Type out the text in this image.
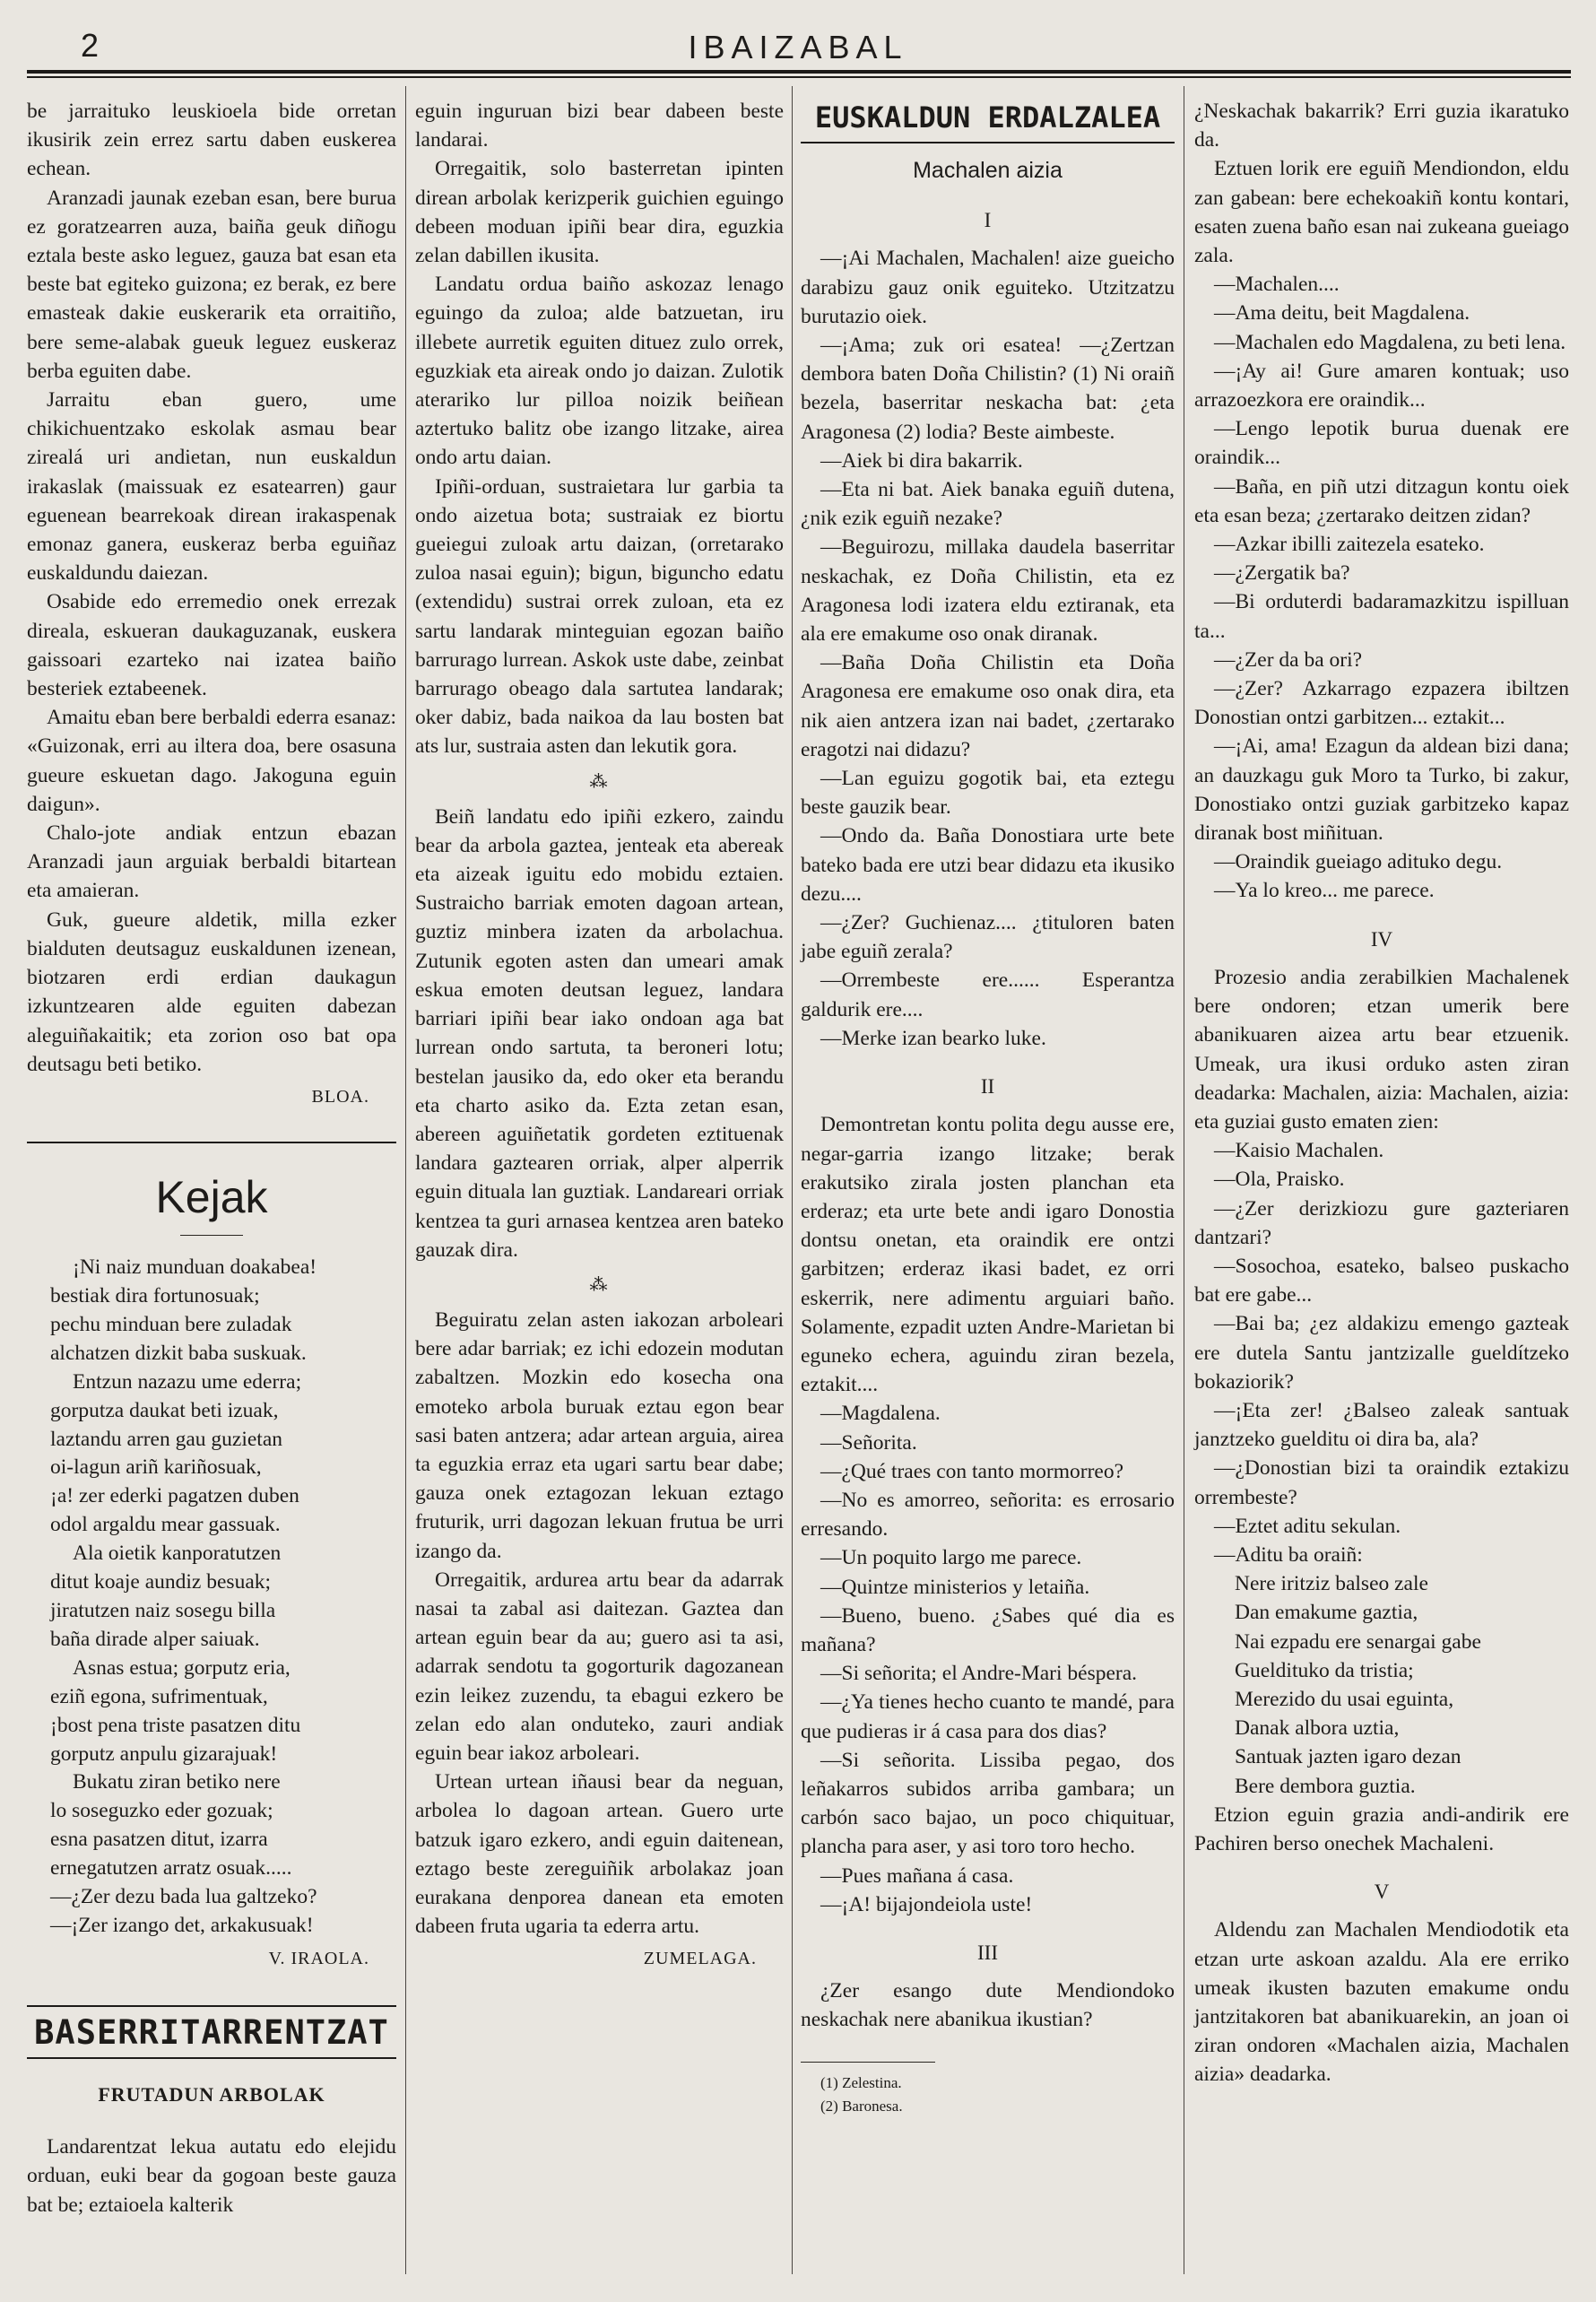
2	IBAIZABAL

be jarraituko leuskioela bide orretan ikusirik zein errez sartu daben euskerea echean.

Aranzadi jaunak ezeban esan, bere burua ez goratzearren auza, baiña geuk diñogu eztala beste asko leguez, gauza bat esan eta beste bat egiteko guizona; ez berak, ez bere emasteak dakie euskerarik eta orraitiño, bere seme-alabak gueuk leguez euskeraz berba eguiten dabe.

Jarraitu eban guero, ume chikichuentzako eskolak asmau bear zirealá uri andietan, nun euskaldun irakaslak (maissuak ez esatearren) gaur eguenean bearrekoak direan irakaspenak emonaz ganera, euskeraz berba eguiñaz euskaldundu daiezan.

Osabide edo erremedio onek errezak direala, eskueran daukaguzanak, euskera gaissoari ezarteko nai izatea baiño besteriek eztabeenek.

Amaitu eban bere berbaldi ederra esanaz: «Guizonak, erri au iltera doa, bere osasuna gueure eskuetan dago. Jakoguna eguin daigun».

Chalo-jote andiak entzun ebazan Aranzadi jaun arguiak berbaldi bitartean eta amaieran.

Guk, gueure aldetik, milla ezker bialduten deutsaguz euskaldunen izenean, biotzaren erdi erdian daukagun izkuntzearen alde eguiten dabezan aleguiñakaitik; eta zorion oso bat opa deutsagu beti betiko.

BLOA.
Kejak
¡Ni naiz munduan doakabea!
bestiak dira fortunosuak;
pechu minduan bere zuladak
alchatzen dizkit baba suskuak.
Entzun nazazu ume ederra;
gorputza daukat beti izuak,
laztandu arren gau guzietan
oi-lagun ariñ kariñosuak,
¡a! zer ederki pagatzen duben
odol argaldu mear gassuak.
Ala oietik kanporatutzen
ditut koaje aundiz besuak;
jiratutzen naiz sosegu billa
baña dirade alper saiuak.
Asnas estua; gorputz eria,
eziñ egona, sufrimentuak,
¡bost pena triste pasatzen ditu
gorputz anpulu gizarajuak!
Bukatu ziran betiko nere
lo soseguzko eder gozuak;
esna pasatzen ditut, izarra
ernegatutzen arratz osuak.....
—¿Zer dezu bada lua galtzeko?
—¡Zer izango det, arkakusuak!
V. IRAOLA.
BASERRITARRENTZAT
FRUTADUN ARBOLAK

Landarentzat lekua autatu edo elejidu orduan, euki bear da gogoan beste gauza bat be; eztaioela kalterik

eguin inguruan bizi bear dabeen beste landarai.

Orregaitik, solo basterretan ipinten direan arbolak kerizperik guichien eguingo debeen moduan ipiñi bear dira, eguzkia zelan dabillen ikusita.

Landatu ordua baiño askozaz lenago eguingo da zuloa; alde batzuetan, iru illebete aurretik eguiten dituez zulo orrek, eguzkiak eta aireak ondo jo daizan. Zulotik aterariko lur pilloa noizik beiñean aztertuko balitz obe izango litzake, airea ondo artu daian.

Ipiñi-orduan, sustraietara lur garbia ta ondo aizetua bota; sustraiak ez biortu gueiegui zuloak artu daizan, (orretarako zuloa nasai eguin); bigun, biguncho edatu (extendidu) sustrai orrek zuloan, eta ez sartu landarak minteguian egozan baiño barrurago lurrean. Askok uste dabe, zeinbat barrurago obeago dala sartutea landarak; oker dabiz, bada naikoa da lau bosten bat ats lur, sustraia asten dan lekutik gora.

⁂

Beiñ landatu edo ipiñi ezkero, zaindu bear da arbola gaztea, jenteak eta abereak eta aizeak iguitu edo mobidu eztaien. Sustraicho barriak emoten dagoan artean, guztiz minbera izaten da arbolachua. Zutunik egoten asten dan umeari amak eskua emoten deutsan leguez, landara barriari ipiñi bear iako ondoan aga bat lurrean ondo sartuta, ta beroneri lotu; bestelan jausiko da, edo oker eta berandu eta charto asiko da. Ezta zetan esan, abereen aguiñetatik gordeten eztituenak landara gaztearen orriak, alper alperrik eguin dituala lan guztiak. Landareari orriak kentzea ta guri arnasea kentzea aren bateko gauzak dira.

⁂

Beguiratu zelan asten iakozan arboleari bere adar barriak; ez ichi edozein modutan zabaltzen. Mozkin edo kosecha ona emoteko arbola buruak eztau egon bear sasi baten antzera; adar artean arguia, airea ta eguzkia erraz eta ugari sartu bear dabe; gauza onek eztagozan lekuan eztago fruturik, urri dagozan lekuan frutua be urri izango da.

Orregaitik, ardurea artu bear da adarrak nasai ta zabal asi daitezan. Gaztea dan artean eguin bear da au; guero asi ta asi, adarrak sendotu ta gogorturik dagozanean ezin leikez zuzendu, ta ebagui ezkero be zelan edo alan onduteko, zauri andiak eguin bear iakoz arboleari.

Urtean urtean iñausi bear da neguan, arbolea lo dagoan artean. Guero urte batzuk igaro ezkero, andi eguin daitenean, eztago beste zereguiñik arbolakaz joan eurakana denporea danean eta emoten dabeen fruta ugaria ta ederra artu.

ZUMELAGA.
EUSKALDUN ERDALZALEA
Machalen aizia
I

—¡Ai Machalen, Machalen! aize gueicho darabizu gauz onik eguiteko. Utzitzatzu burutazio oiek.

—¡Ama; zuk ori esatea! —¿Zertzan dembora baten Doña Chilistin? (1) Ni oraiñ bezela, baserritar neskacha bat: ¿eta Aragonesa (2) lodia? Beste aimbeste.

—Aiek bi dira bakarrik.

—Eta ni bat. Aiek banaka eguiñ dutena, ¿nik ezik eguiñ nezake?

—Beguirozu, millaka daudela baserritar neskachak, ez Doña Chilistin, eta ez Aragonesa lodi izatera eldu eztiranak, eta ala ere emakume oso onak diranak.

—Baña Doña Chilistin eta Doña Aragonesa ere emakume oso onak dira, eta nik aien antzera izan nai badet, ¿zertarako eragotzi nai didazu?

—Lan eguizu gogotik bai, eta eztegu beste gauzik bear.

—Ondo da. Baña Donostiara urte bete bateko bada ere utzi bear didazu eta ikusiko dezu....

—¿Zer? Guchienaz.... ¿tituloren baten jabe eguiñ zerala?

—Orrembeste ere...... Esperantza galdurik ere....

—Merke izan bearko luke.

II

Demontretan kontu polita degu ausse ere, negar-garria izango litzake; berak erakutsiko zirala josten planchan eta erderaz; eta urte bete andi igaro Donostia dontsu onetan, eta oraindik ere ontzi garbitzen; erderaz ikasi badet, ez orri eskerrik, nere adimentu arguiari baño. Solamente, ezpadit uzten Andre-Marietan bi eguneko echera, aguindu ziran bezela, eztakit....

—Magdalena.

—Señorita.

—¿Qué traes con tanto mormorreo?

—No es amorreo, señorita: es errosario erresando.

—Un poquito largo me parece.

—Quintze ministerios y letaiña.

—Bueno, bueno. ¿Sabes qué dia es mañana?

—Si señorita; el Andre-Mari béspera.

—¿Ya tienes hecho cuanto te mandé, para que pudieras ir á casa para dos dias?

—Si señorita. Lissiba pegao, dos leñakarros subidos arriba gambara; un carbón saco bajao, un poco chiquituar, plancha para aser, y asi toro toro hecho.

—Pues mañana á casa.

—¡A! bijajondeiola uste!

III

¿Zer esango dute Mendiondoko neskachak nere abanikua ikustian?

(1) Zelestina.

(2) Baronesa.

¿Neskachak bakarrik? Erri guzia ikaratuko da.

Eztuen lorik ere eguiñ Mendiondon, eldu zan gabean: bere echekoakiñ kontu kontari, esaten zuena baño esan nai zukeana gueiago zala.

—Machalen....

—Ama deitu, beit Magdalena.

—Machalen edo Magdalena, zu beti lena.

—¡Ay ai! Gure amaren kontuak; uso arrazoezkora ere oraindik...

—Lengo lepotik burua duenak ere oraindik...

—Baña, en piñ utzi ditzagun kontu oiek eta esan beza; ¿zertarako deitzen zidan?

—Azkar ibilli zaitezela esateko.

—¿Zergatik ba?

—Bi orduterdi badaramazkitzu ispilluan ta...

—¿Zer da ba ori?

—¿Zer? Azkarrago ezpazera ibiltzen Donostian ontzi garbitzen... eztakit...

—¡Ai, ama! Ezagun da aldean bizi dana; an dauzkagu guk Moro ta Turko, bi zakur, Donostiako ontzi guziak garbitzeko kapaz diranak bost miñituan.

—Oraindik gueiago adituko degu.

—Ya lo kreo... me parece.

IV

Prozesio andia zerabilkien Machalenek bere ondoren; etzan umerik bere abanikuaren aizea artu bear etzuenik. Umeak, ura ikusi orduko asten ziran deadarka: Machalen, aizia: Machalen, aizia: eta guziai gusto ematen zien:

—Kaisio Machalen.

—Ola, Praisko.

—¿Zer derizkiozu gure gazteriaren dantzari?

—Sosochoa, esateko, balseo puskacho bat ere gabe...

—Bai ba; ¿ez aldakizu emengo gazteak ere dutela Santu jantzizalle gueldítzeko bokaziorik?

—¡Eta zer! ¿Balseo zaleak santuak janztzeko guelditu oi dira ba, ala?

—¿Donostian bizi ta oraindik eztakizu orrembeste?

—Eztet aditu sekulan.

—Aditu ba oraiñ:

Nere iritziz balseo zale
Dan emakume gaztia,
Nai ezpadu ere senargai gabe
Gueldituko da tristia;
Merezido du usai eguinta,
Danak albora uztia,
Santuak jazten igaro dezan
Bere dembora guztia.

Etzion eguin grazia andi-andirik ere Pachiren berso onechek Machaleni.

V

Aldendu zan Machalen Mendiodotik eta etzan urte askoan azaldu. Ala ere erriko umeak ikusten bazuten emakume ondu jantzitakoren bat abanikuarekin, an joan oi ziran ondoren «Machalen aizia, Machalen aizia» deadarka.
